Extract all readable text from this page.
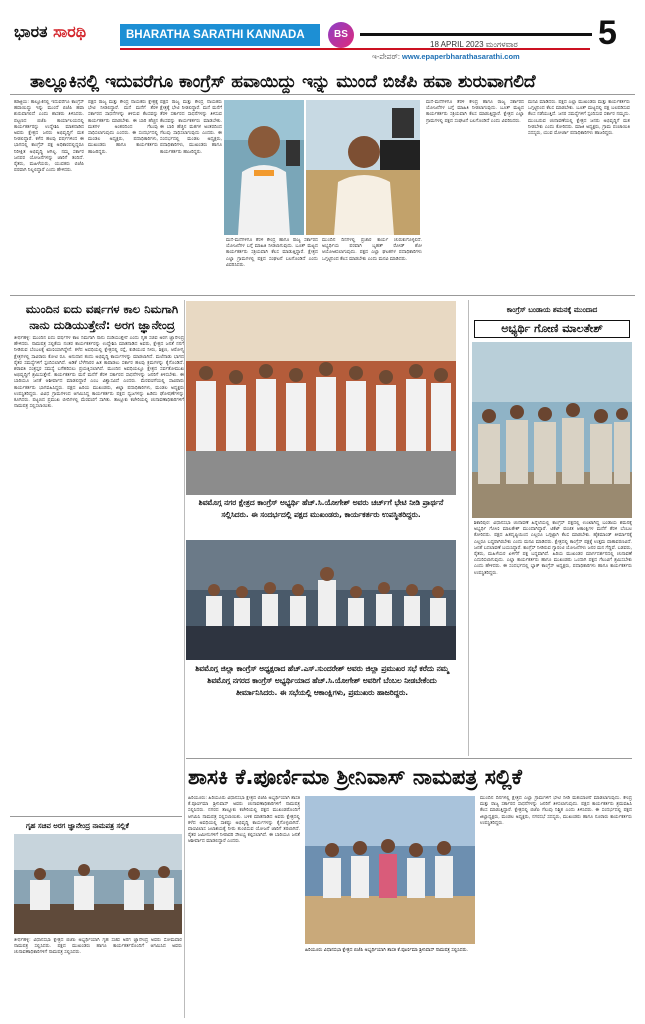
ಭಾರತ ಸಾರಥಿ	BHARATHA SARATHI KANNADA DAILY
BS
18 APRIL 2023 ಮಂಗಳವಾರ 5
ಇ-ಪೇಪರ್: www.epaperbharathasarathi.com
ತಾಲ್ಲೂಕಿನಲ್ಲಿ ಇದುವರೆಗೂ ಕಾಂಗ್ರೆಸ್ ಹವಾಯಿದ್ದು ಇನ್ನು ಮುಂದೆ ಬಿಜೆಪಿ ಹವಾ ಶುರುವಾಗಲಿದೆ
ಕಡಜ್ಜಿಯ: ತಾಲ್ಲೂಕಿನಲ್ಲಿ ಇದುವರೆಗೂ ಕಾಂಗ್ರೆಸ್ ಹವಾಯಿದ್ದು ಇನ್ನು ಮುಂದೆ ಬಿಜೆಪಿ ಹವಾ ಶುರುವಾಗಲಿದೆ ಎಂದು ಶಾಸಕರು ತಿಳಿಸಿದರು. ಪಟ್ಟಣದ ಬಿಜೆಪಿ ಕಾರ್ಯಾಲಯದಲ್ಲಿ ಕಾರ್ಯಕರ್ತರನ್ನು ಉದ್ದೇಶಿಸಿ ಮಾತನಾಡಿದ ಅವರು ಕ್ಷೇತ್ರದ ಜನರು ಅಭಿವೃದ್ಧಿಗೆ ಮತ ನೀಡಲಿದ್ದಾರೆ. ಕಳೆದ ಹಲವು ವರ್ಷಗಳಿಂದ ಈ ಭಾಗದಲ್ಲಿ ಕಾಂಗ್ರೆಸ್ ಪಕ್ಷ ಅಧಿಕಾರದಲ್ಲಿದ್ದರೂ ನಿರೀಕ್ಷಿತ ಅಭಿವೃದ್ಧಿ ಆಗಿಲ್ಲ. ನಮ್ಮ ಸರ್ಕಾರ ಜನಪರ ಯೋಜನೆಗಳನ್ನು ಜಾರಿಗೆ ತಂದಿದೆ. ರೈತರು, ಮಹಿಳೆಯರು, ಯುವಕರು ಬಿಜೆಪಿ ಪರವಾಗಿ ನಿಲ್ಲಲಿದ್ದಾರೆ ಎಂದು ಹೇಳಿದರು.
ಪಕ್ಷದ ರಾಜ್ಯ ಮತ್ತು ಕೇಂದ್ರ ನಾಯಕರು ಕ್ಷೇತ್ರಕ್ಕೆ ಭೇಟಿ ನೀಡಲಿದ್ದಾರೆ. ಮನೆ ಮನೆಗೆ ತೆರಳಿ ಸರ್ಕಾರದ ಸಾಧನೆಗಳನ್ನು ತಿಳಿಸುವ ಕೆಲಸವನ್ನು ಕಾರ್ಯಕರ್ತರು ಮಾಡಬೇಕು. ಈ ಬಾರಿ ಹೆಚ್ಚಿನ ಮತಗಳ ಅಂತರದಿಂದ ಗೆಲುವು ಸಾಧಿಸಲಾಗುವುದು ಎಂದರು. ಈ ಸಂದರ್ಭದಲ್ಲಿ ಮಂಡಲ ಅಧ್ಯಕ್ಷರು, ಪದಾಧಿಕಾರಿಗಳು, ಮುಖಂಡರು ಹಾಗೂ ಕಾರ್ಯಕರ್ತರು ಹಾಜರಿದ್ದರು.
ಪಕ್ಷದ ರಾಜ್ಯ ಮತ್ತು ಕೇಂದ್ರ ನಾಯಕರು ಕ್ಷೇತ್ರಕ್ಕೆ ಭೇಟಿ ನೀಡಲಿದ್ದಾರೆ. ಮನೆ ಮನೆಗೆ ತೆರಳಿ ಸರ್ಕಾರದ ಸಾಧನೆಗಳನ್ನು ತಿಳಿಸುವ ಕೆಲಸವನ್ನು ಕಾರ್ಯಕರ್ತರು ಮಾಡಬೇಕು. ಈ ಬಾರಿ ಹೆಚ್ಚಿನ ಮತಗಳ ಅಂತರದಿಂದ ಗೆಲುವು ಸಾಧಿಸಲಾಗುವುದು ಎಂದರು. ಈ ಸಂದರ್ಭದಲ್ಲಿ ಮಂಡಲ ಅಧ್ಯಕ್ಷರು, ಪದಾಧಿಕಾರಿಗಳು, ಮುಖಂಡರು ಹಾಗೂ ಕಾರ್ಯಕರ್ತರು ಹಾಜರಿದ್ದರು.
ಮನೆ-ಮನೆಗಳಿಗೂ ತೆರಳಿ ಕೇಂದ್ರ ಹಾಗೂ ರಾಜ್ಯ ಸರ್ಕಾರದ ಯೋಜನೆಗಳ ಬಗ್ಗೆ ಮಾಹಿತಿ ನೀಡಲಾಗುವುದು. ಬೂತ್ ಮಟ್ಟದ ಕಾರ್ಯಕರ್ತರು ಸಕ್ರಿಯವಾಗಿ ಕೆಲಸ ಮಾಡುತ್ತಿದ್ದಾರೆ. ಕ್ಷೇತ್ರದ ಎಲ್ಲಾ ಗ್ರಾಮಗಳಲ್ಲಿ ಪಕ್ಷದ ಸಂಘಟನೆ ಬಲಗೊಂಡಿದೆ ಎಂದು ವಿವರಿಸಿದರು.
ಮುಂದಿನ ದಿನಗಳಲ್ಲಿ ಪ್ರಚಾರ ಕಾರ್ಯ ಚುರುಕುಗೊಳ್ಳಲಿದೆ. ಅಭ್ಯರ್ಥಿಯ ಪರವಾಗಿ ಬೃಹತ್ ರೋಡ್ ಶೋ ಆಯೋಜಿಸಲಾಗುವುದು. ಪಕ್ಷದ ಎಲ್ಲಾ ಘಟಕಗಳ ಪದಾಧಿಕಾರಿಗಳು ಒಗ್ಗಟ್ಟಿನಿಂದ ಕೆಲಸ ಮಾಡಬೇಕು ಎಂದು ಮನವಿ ಮಾಡಿದರು.
ಮನೆ-ಮನೆಗಳಿಗೂ ತೆರಳಿ ಕೇಂದ್ರ ಹಾಗೂ ರಾಜ್ಯ ಸರ್ಕಾರದ ಯೋಜನೆಗಳ ಬಗ್ಗೆ ಮಾಹಿತಿ ನೀಡಲಾಗುವುದು. ಬೂತ್ ಮಟ್ಟದ ಕಾರ್ಯಕರ್ತರು ಸಕ್ರಿಯವಾಗಿ ಕೆಲಸ ಮಾಡುತ್ತಿದ್ದಾರೆ. ಕ್ಷೇತ್ರದ ಎಲ್ಲಾ ಗ್ರಾಮಗಳಲ್ಲಿ ಪಕ್ಷದ ಸಂಘಟನೆ ಬಲಗೊಂಡಿದೆ ಎಂದು ವಿವರಿಸಿದರು.
ಮನವಿ ಮಾಡಿದರು. ಪಕ್ಷದ ಎಲ್ಲಾ ಮುಖಂಡರು ಮತ್ತು ಕಾರ್ಯಕರ್ತರು ಒಗ್ಗಟ್ಟಿನಿಂದ ಕೆಲಸ ಮಾಡಬೇಕು. ಬೂತ್ ಮಟ್ಟದಲ್ಲಿ ಪಕ್ಷ ಬಲಪಡಿಸುವ ಕೆಲಸ ನಡೆಯುತ್ತಿದೆ. ಜನರ ಸಮಸ್ಯೆಗಳಿಗೆ ಸ್ಪಂದಿಸುವ ಸರ್ಕಾರ ನಮ್ಮದು. ಮುಂಬರುವ ಚುನಾವಣೆಯಲ್ಲಿ ಕ್ಷೇತ್ರದ ಜನರು ಅಭಿವೃದ್ಧಿಗೆ ಮತ ನೀಡಬೇಕು ಎಂದು ಕೋರಿದರು. ಮಾಜಿ ಅಧ್ಯಕ್ಷರು, ಗ್ರಾಮ ಪಂಚಾಯಿತಿ ಸದಸ್ಯರು, ಯುವ ಮೋರ್ಚಾ ಪದಾಧಿಕಾರಿಗಳು ಹಾಜರಿದ್ದರು.
ಮುಂದಿನ ಐದು ವರ್ಷಗಳ ಕಾಲ ನಿಮಗಾಗಿ ನಾನು ದುಡಿಯುತ್ತೇನೆ: ಅರಗ ಜ್ಞಾನೇಂದ್ರ
ತೀರ್ಥಹಳ್ಳಿ: ಮುಂದಿನ ಐದು ವರ್ಷಗಳ ಕಾಲ ನಿಮಗಾಗಿ ನಾನು ದುಡಿಯುತ್ತೇನೆ ಎಂದು ಗೃಹ ಸಚಿವ ಅರಗ ಜ್ಞಾನೇಂದ್ರ ಹೇಳಿದರು. ನಾಮಪತ್ರ ಸಲ್ಲಿಕೆಯ ನಂತರ ಕಾರ್ಯಕರ್ತರನ್ನು ಉದ್ದೇಶಿಸಿ ಮಾತನಾಡಿದ ಅವರು, ಕ್ಷೇತ್ರದ ಜನತೆ ನನಗೆ ನೀಡಿರುವ ಬೆಂಬಲಕ್ಕೆ ಋಣಿಯಾಗಿದ್ದೇನೆ. ಕಳೆದ ಅವಧಿಯಲ್ಲಿ ಕ್ಷೇತ್ರದಲ್ಲಿ ರಸ್ತೆ, ಕುಡಿಯುವ ನೀರು, ಶಿಕ್ಷಣ, ಆರೋಗ್ಯ ಕ್ಷೇತ್ರಗಳಲ್ಲಿ ಸಾವಿರಾರು ಕೋಟಿ ರೂ. ಅನುದಾನ ತಂದು ಅಭಿವೃದ್ಧಿ ಕಾರ್ಯಗಳನ್ನು ಮಾಡಲಾಗಿದೆ. ಮಲೆನಾಡು ಭಾಗದ ರೈತರ ಸಮಸ್ಯೆಗಳಿಗೆ ಸ್ಪಂದಿಸಲಾಗಿದೆ. ಅಡಿಕೆ ಬೆಳೆಗಾರರ ಹಿತ ಕಾಪಾಡಲು ಸರ್ಕಾರ ಹಲವು ಕ್ರಮಗಳನ್ನು ಕೈಗೊಂಡಿದೆ. ಶರಾವತಿ ಸಂತ್ರಸ್ತರ ಸಮಸ್ಯೆ ಬಗೆಹರಿಸಲು ಪ್ರಯತ್ನಿಸಲಾಗಿದೆ. ಮುಂದಿನ ಅವಧಿಯಲ್ಲೂ ಕ್ಷೇತ್ರದ ಸರ್ವತೋಮುಖ ಅಭಿವೃದ್ಧಿಗೆ ಶ್ರಮಿಸುತ್ತೇನೆ. ಕಾರ್ಯಕರ್ತರು ಮನೆ ಮನೆಗೆ ತೆರಳಿ ಸರ್ಕಾರದ ಸಾಧನೆಗಳನ್ನು ಜನರಿಗೆ ತಿಳಿಸಬೇಕು. ಈ ಬಾರಿಯೂ ಜನತೆ ಆಶೀರ್ವಾದ ಮಾಡಲಿದ್ದಾರೆ ಎಂಬ ವಿಶ್ವಾಸವಿದೆ ಎಂದರು. ಮೆರವಣಿಗೆಯಲ್ಲಿ ಸಾವಿರಾರು ಕಾರ್ಯಕರ್ತರು ಭಾಗವಹಿಸಿದ್ದರು. ಪಕ್ಷದ ಹಿರಿಯ ಮುಖಂಡರು, ಜಿಲ್ಲಾ ಪದಾಧಿಕಾರಿಗಳು, ಮಂಡಲ ಅಧ್ಯಕ್ಷರು ಉಪಸ್ಥಿತರಿದ್ದರು. ವಿವಿಧ ಗ್ರಾಮಗಳಿಂದ ಆಗಮಿಸಿದ್ದ ಕಾರ್ಯಕರ್ತರು ಪಕ್ಷದ ಧ್ವಜಗಳನ್ನು ಹಿಡಿದು ಘೋಷಣೆಗಳನ್ನು ಕೂಗಿದರು. ಪಟ್ಟಣದ ಪ್ರಮುಖ ಬೀದಿಗಳಲ್ಲಿ ಮೆರವಣಿಗೆ ಸಾಗಿತು. ತಾಲ್ಲೂಕು ಕಚೇರಿಯಲ್ಲಿ ಚುನಾವಣಾಧಿಕಾರಿಗಳಿಗೆ ನಾಮಪತ್ರ ಸಲ್ಲಿಸಲಾಯಿತು.
ಶಿವಮೊಗ್ಗ ನಗರ ಕ್ಷೇತ್ರದ ಕಾಂಗ್ರೆಸ್ ಅಭ್ಯರ್ಥಿ ಹೆಚ್.ಸಿ.ಯೋಗೇಶ್ ಅವರು ಚರ್ಚ್‌ಗೆ ಭೇಟಿ ನೀಡಿ ಪ್ರಾರ್ಥನೆ ಸಲ್ಲಿಸಿದರು. ಈ ಸಂದರ್ಭದಲ್ಲಿ ಪಕ್ಷದ ಮುಖಂಡರು, ಕಾರ್ಯಕರ್ತರು ಉಪಸ್ಥಿತರಿದ್ದರು.
ಕಾಂಗ್ರೆಸ್ ಬಂಡಾಯ ಶಮನಕ್ಕೆ ಮುಂದಾದ
ಅಭ್ಯರ್ಥಿ ಗೋಣಿ ಮಾಲತೇಶ್
ಶಿಕಾರಿಪುರ: ವಿಧಾನಸಭಾ ಚುನಾವಣೆ ಹಿನ್ನೆಲೆಯಲ್ಲಿ ಕಾಂಗ್ರೆಸ್ ಪಕ್ಷದಲ್ಲಿ ಉಂಟಾಗಿದ್ದ ಬಂಡಾಯ ಶಮನಕ್ಕೆ ಅಭ್ಯರ್ಥಿ ಗೋಣಿ ಮಾಲತೇಶ್ ಮುಂದಾಗಿದ್ದಾರೆ. ಟಿಕೆಟ್ ವಂಚಿತ ಆಕಾಂಕ್ಷಿಗಳ ಮನೆಗೆ ತೆರಳಿ ಬೆಂಬಲ ಕೋರಿದರು. ಪಕ್ಷದ ಹಿತದೃಷ್ಟಿಯಿಂದ ಎಲ್ಲರೂ ಒಗ್ಗಟ್ಟಾಗಿ ಕೆಲಸ ಮಾಡಬೇಕು. ಹೈಕಮಾಂಡ್ ತೀರ್ಮಾನಕ್ಕೆ ಎಲ್ಲರೂ ಬದ್ಧರಾಗಿರಬೇಕು ಎಂದು ಮನವಿ ಮಾಡಿದರು. ಕ್ಷೇತ್ರದಲ್ಲಿ ಕಾಂಗ್ರೆಸ್ ಪಕ್ಷಕ್ಕೆ ಉತ್ತಮ ವಾತಾವರಣವಿದೆ. ಜನತೆ ಬದಲಾವಣೆ ಬಯಸಿದ್ದಾರೆ. ಕಾಂಗ್ರೆಸ್ ನೀಡಿರುವ ಗ್ಯಾರಂಟಿ ಯೋಜನೆಗಳು ಜನರ ಮನ ಗೆದ್ದಿವೆ. ಬಡವರು, ರೈತರು, ಮಹಿಳೆಯರ ಏಳಿಗೆಗೆ ಪಕ್ಷ ಬದ್ಧವಾಗಿದೆ. ಹಿರಿಯ ಮುಖಂಡರ ಮಾರ್ಗದರ್ಶನದಲ್ಲಿ ಚುನಾವಣೆ ಎದುರಿಸಲಾಗುವುದು. ಎಲ್ಲಾ ಕಾರ್ಯಕರ್ತರು ಹಾಗೂ ಮುಖಂಡರು ಒಂದಾಗಿ ಪಕ್ಷದ ಗೆಲುವಿಗೆ ಶ್ರಮಿಸಬೇಕು ಎಂದು ಹೇಳಿದರು. ಈ ಸಂದರ್ಭದಲ್ಲಿ ಬ್ಲಾಕ್ ಕಾಂಗ್ರೆಸ್ ಅಧ್ಯಕ್ಷರು, ಪದಾಧಿಕಾರಿಗಳು ಹಾಗೂ ಕಾರ್ಯಕರ್ತರು ಉಪಸ್ಥಿತರಿದ್ದರು.
ಶಿವಮೊಗ್ಗ ಜಿಲ್ಲಾ ಕಾಂಗ್ರೆಸ್ ಅಧ್ಯಕ್ಷರಾದ ಹೆಚ್.ಎಸ್.ಸುಂದರೇಶ್ ಅವರು ಜಿಲ್ಲಾ ಪ್ರಮುಖರ ಸಭೆ ಕರೆದು ನಮ್ಮ ಶಿವಮೊಗ್ಗ ನಗರದ ಕಾಂಗ್ರೆಸ್ ಅಭ್ಯರ್ಥಿಯಾದ ಹೆಚ್.ಸಿ.ಯೋಗೇಶ್ ಅವರಿಗೆ ಬೆಂಬಲ ನೀಡಬೇಕೆಂದು ತೀರ್ಮಾನಿಸಿದರು. ಈ ಸಭೆಯಲ್ಲಿ ಆಕಾಂಕ್ಷಿಗಳು, ಪ್ರಮುಖರು ಹಾಜರಿದ್ದರು.
ಶಾಸಕಿ ಕೆ.ಪೂರ್ಣಿಮಾ ಶ್ರೀನಿವಾಸ್ ನಾಮಪತ್ರ ಸಲ್ಲಿಕೆ
ಹಿರಿಯೂರು: ಹಿರಿಯೂರು ವಿಧಾನಸಭಾ ಕ್ಷೇತ್ರದ ಬಿಜೆಪಿ ಅಭ್ಯರ್ಥಿಯಾಗಿ ಶಾಸಕಿ ಕೆ.ಪೂರ್ಣಿಮಾ ಶ್ರೀನಿವಾಸ್ ಅವರು ಚುನಾವಣಾಧಿಕಾರಿಗಳಿಗೆ ನಾಮಪತ್ರ ಸಲ್ಲಿಸಿದರು. ನಗರದ ತಾಲ್ಲೂಕು ಕಚೇರಿಯಲ್ಲಿ ಪಕ್ಷದ ಮುಖಂಡರೊಂದಿಗೆ ಆಗಮಿಸಿ ನಾಮಪತ್ರ ಸಲ್ಲಿಸಲಾಯಿತು. ಬಳಿಕ ಮಾತನಾಡಿದ ಅವರು ಕ್ಷೇತ್ರದಲ್ಲಿ ಕಳೆದ ಅವಧಿಯಲ್ಲಿ ಸಾಕಷ್ಟು ಅಭಿವೃದ್ಧಿ ಕಾರ್ಯಗಳನ್ನು ಕೈಗೊಳ್ಳಲಾಗಿದೆ. ವಾಣಿವಿಲಾಸ ಜಲಾಶಯಕ್ಕೆ ನೀರು ತುಂಬಿಸುವ ಯೋಜನೆ ಜಾರಿಗೆ ತರಲಾಗಿದೆ. ರೈತರ ಜಮೀನುಗಳಿಗೆ ನೀರಾವರಿ ಸೌಲಭ್ಯ ಕಲ್ಪಿಸಲಾಗಿದೆ. ಈ ಬಾರಿಯೂ ಜನತೆ ಆಶೀರ್ವಾದ ಮಾಡಲಿದ್ದಾರೆ ಎಂದರು.
ಹಿರಿಯೂರು ವಿಧಾನಸಭಾ ಕ್ಷೇತ್ರದ ಬಿಜೆಪಿ ಅಭ್ಯರ್ಥಿಯಾಗಿ ಶಾಸಕಿ ಕೆ.ಪೂರ್ಣಿಮಾ ಶ್ರೀನಿವಾಸ್ ನಾಮಪತ್ರ ಸಲ್ಲಿಸಿದರು.
ಮುಂದಿನ ದಿನಗಳಲ್ಲಿ ಕ್ಷೇತ್ರದ ಎಲ್ಲಾ ಗ್ರಾಮಗಳಿಗೆ ಭೇಟಿ ನೀಡಿ ಮತಯಾಚನೆ ಮಾಡಲಾಗುವುದು. ಕೇಂದ್ರ ಮತ್ತು ರಾಜ್ಯ ಸರ್ಕಾರದ ಸಾಧನೆಗಳನ್ನು ಜನರಿಗೆ ತಿಳಿಸಲಾಗುವುದು. ಪಕ್ಷದ ಕಾರ್ಯಕರ್ತರು ಶ್ರಮವಹಿಸಿ ಕೆಲಸ ಮಾಡುತ್ತಿದ್ದಾರೆ. ಕ್ಷೇತ್ರದಲ್ಲಿ ಬಿಜೆಪಿ ಗೆಲುವು ನಿಶ್ಚಿತ ಎಂದು ತಿಳಿಸಿದರು. ಈ ಸಂದರ್ಭದಲ್ಲಿ ಪಕ್ಷದ ಜಿಲ್ಲಾಧ್ಯಕ್ಷರು, ಮಂಡಲ ಅಧ್ಯಕ್ಷರು, ನಗರಸಭೆ ಸದಸ್ಯರು, ಮುಖಂಡರು ಹಾಗೂ ನೂರಾರು ಕಾರ್ಯಕರ್ತರು ಉಪಸ್ಥಿತರಿದ್ದರು.
ಗೃಹ ಸಚಿವ ಅರಗ ಜ್ಞಾನೇಂದ್ರ ನಾಮಪತ್ರ ಸಲ್ಲಿಕೆ
ತೀರ್ಥಹಳ್ಳಿ: ವಿಧಾನಸಭಾ ಕ್ಷೇತ್ರದ ಬಿಜೆಪಿ ಅಭ್ಯರ್ಥಿಯಾಗಿ ಗೃಹ ಸಚಿವ ಅರಗ ಜ್ಞಾನೇಂದ್ರ ಅವರು ಸೋಮವಾರ ನಾಮಪತ್ರ ಸಲ್ಲಿಸಿದರು. ಪಕ್ಷದ ಮುಖಂಡರು ಹಾಗೂ ಕಾರ್ಯಕರ್ತರೊಂದಿಗೆ ಆಗಮಿಸಿದ ಅವರು ಚುನಾವಣಾಧಿಕಾರಿಗಳಿಗೆ ನಾಮಪತ್ರ ಸಲ್ಲಿಸಿದರು.
